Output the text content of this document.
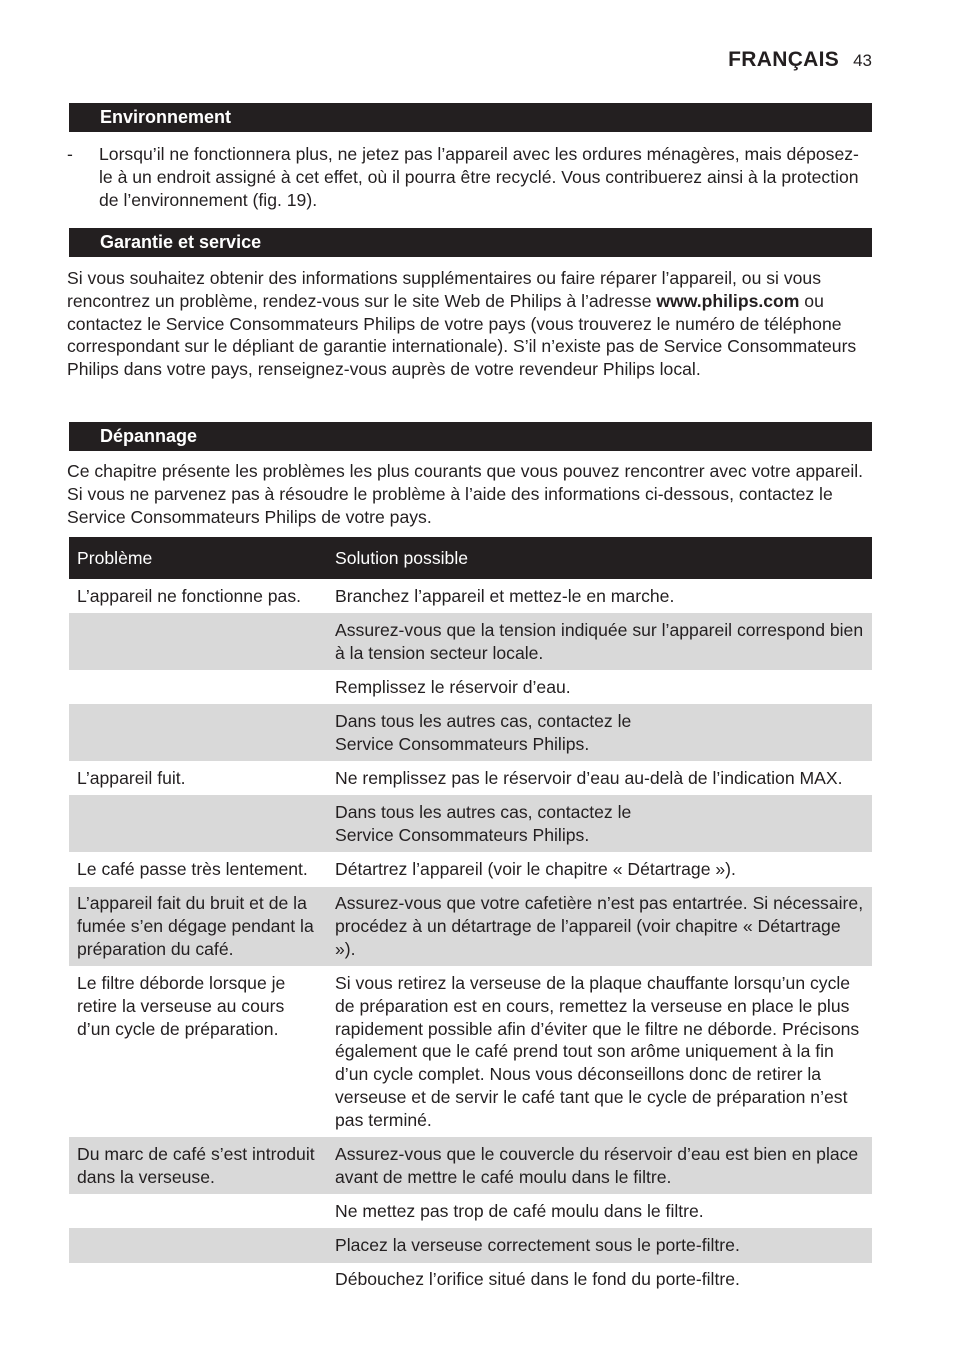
FRANÇAIS 43
Environnement
- Lorsqu’il ne fonctionnera plus, ne jetez pas l’appareil avec les ordures ménagères, mais déposez-le à un endroit assigné à cet effet, où il pourra être recyclé. Vous contribuerez ainsi à la protection de l’environnement (fig. 19).
Garantie et service
Si vous souhaitez obtenir des informations supplémentaires ou faire réparer l’appareil, ou si vous rencontrez un problème, rendez-vous sur le site Web de Philips à l’adresse www.philips.com ou contactez le Service Consommateurs Philips de votre pays (vous trouverez le numéro de téléphone correspondant sur le dépliant de garantie internationale). S’il n’existe pas de Service Consommateurs Philips dans votre pays, renseignez-vous auprès de votre revendeur Philips local.
Dépannage
Ce chapitre présente les problèmes les plus courants que vous pouvez rencontrer avec votre appareil. Si vous ne parvenez pas à résoudre le problème à l’aide des informations ci-dessous, contactez le Service Consommateurs Philips de votre pays.
Problème	Solution possible
L’appareil ne fonctionne pas.	Branchez l’appareil et mettez-le en marche.
	Assurez-vous que la tension indiquée sur l’appareil correspond bien à la tension secteur locale.
	Remplissez le réservoir d’eau.
	Dans tous les autres cas, contactez le
Service Consommateurs Philips.
L’appareil fuit.	Ne remplissez pas le réservoir d’eau au-delà de l’indication MAX.
	Dans tous les autres cas, contactez le
Service Consommateurs Philips.
Le café passe très lentement.	Détartrez l’appareil (voir le chapitre « Détartrage »).
L’appareil fait du bruit et de la fumée s’en dégage pendant la préparation du café.	Assurez-vous que votre cafetière n’est pas entartrée. Si nécessaire, procédez à un détartrage de l’appareil (voir chapitre « Détartrage »).
Le filtre déborde lorsque je retire la verseuse au cours d’un cycle de préparation.	Si vous retirez la verseuse de la plaque chauffante lorsqu’un cycle de préparation est en cours, remettez la verseuse en place le plus rapidement possible afin d’éviter que le filtre ne déborde. Précisons également que le café prend tout son arôme uniquement à la fin d’un cycle complet. Nous vous déconseillons donc de retirer la verseuse et de servir le café tant que le cycle de préparation n’est pas terminé.
Du marc de café s’est introduit dans la verseuse.	Assurez-vous que le couvercle du réservoir d’eau est bien en place avant de mettre le café moulu dans le filtre.
	Ne mettez pas trop de café moulu dans le filtre.
	Placez la verseuse correctement sous le porte-filtre.
	Débouchez l’orifice situé dans le fond du porte-filtre.
